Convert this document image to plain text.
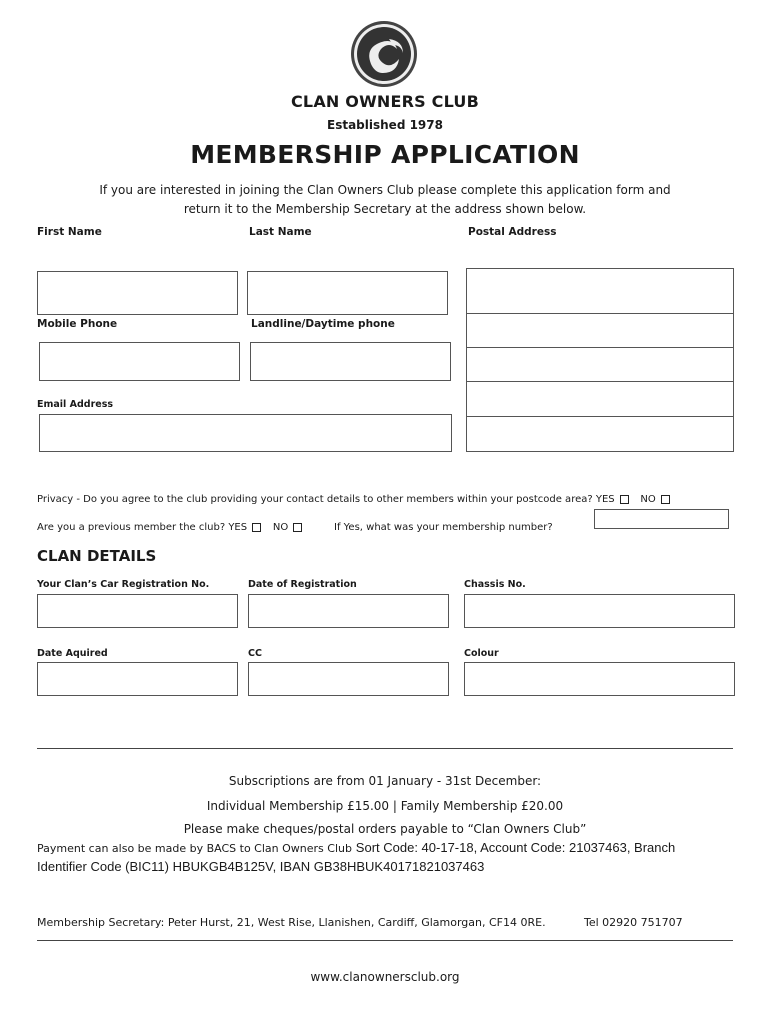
CLAN OWNERS CLUB
Established 1978
MEMBERSHIP APPLICATION
If you are interested in joining the Clan Owners Club please complete this application form and
return it to the Membership Secretary at the address shown below.
First Name	Last Name	Postal Address
Mobile Phone	Landline/Daytime phone
Email Address
Privacy - Do you agree to the club providing your contact details to other members within your postcode area? YES	NO
Are you a previous member the club? YES	NO	If Yes, what was your membership number?
CLAN DETAILS
Your Clan’s Car Registration No.	Date of Registration	Chassis No.
Date Aquired	CC	Colour
Subscriptions are from 01 January - 31st December:
Individual Membership £15.00 | Family Membership £20.00
Please make cheques/postal orders payable to “Clan Owners Club”
Payment can also be made by BACS to Clan Owners Club Sort Code: 40-17-18, Account Code: 21037463, Branch
Identifier Code (BIC11) HBUKGB4B125V, IBAN GB38HBUK40171821037463
Membership Secretary: Peter Hurst, 21, West Rise, Llanishen, Cardiff, Glamorgan, CF14 0RE.	Tel 02920 751707
www.clanownersclub.org
